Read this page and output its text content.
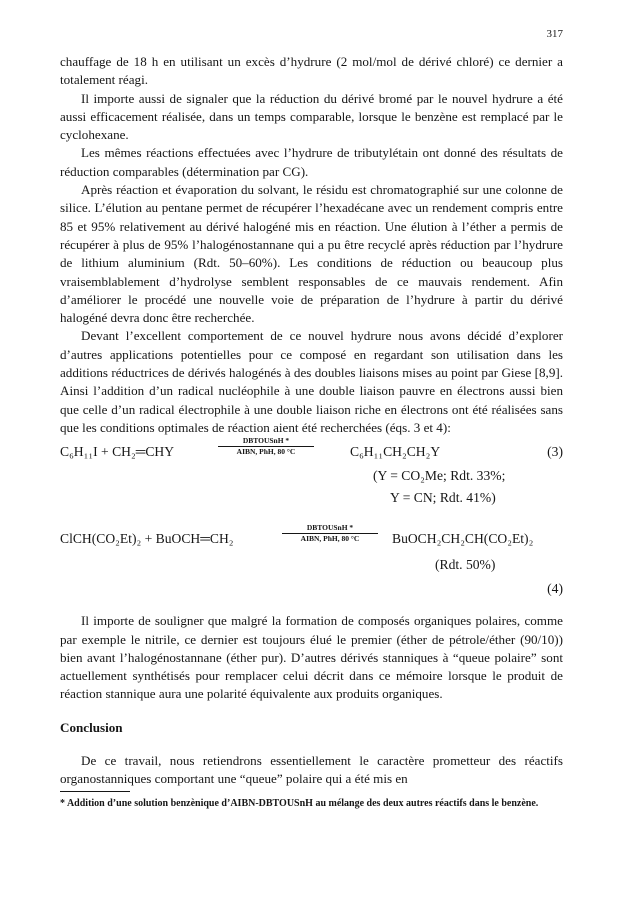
317

chauffage de 18 h en utilisant un excès d’hydrure (2 mol/mol de dérivé chloré) ce dernier a totalement réagi.

Il importe aussi de signaler que la réduction du dérivé bromé par le nouvel hydrure a été aussi efficacement réalisée, dans un temps comparable, lorsque le benzène est remplacé par le cyclohexane.

Les mêmes réactions effectuées avec l’hydrure de tributylétain ont donné des résultats de réduction comparables (détermination par CG).

Après réaction et évaporation du solvant, le résidu est chromatographié sur une colonne de silice. L’élution au pentane permet de récupérer l’hexadécane avec un rendement compris entre 85 et 95% relativement au dérivé halogéné mis en réaction. Une élution à l’éther a permis de récupérer à plus de 95% l’halogénostannane qui a pu être recyclé après réduction par l’hydrure de lithium aluminium (Rdt. 50–60%). Les conditions de réduction ou beaucoup plus vraisemblablement d’hydrolyse semblent responsables de ce mauvais rendement. Afin d’améliorer le procédé une nouvelle voie de préparation de l’hydrure à partir du dérivé halogéné devra donc être recherchée.

Devant l’excellent comportement de ce nouvel hydrure nous avons décidé d’explorer d’autres applications potentielles pour ce composé en regardant son utilisation dans les additions réductrices de dérivés halogénés à des doubles liaisons mises au point par Giese [8,9]. Ainsi l’addition d’un radical nucléophile à une double liaison pauvre en électrons aussi bien que celle d’un radical électrophile à une double liaison riche en électrons ont été réalisées sans que les conditions optimales de réaction aient été recherchées (éqs. 3 et 4):

C₆H₁₁I + CH₂═CHY
DBTOUSnH *
AIBN, PhH, 80 °C	C₆H₁₁CH₂CH₂Y	(3)
(Y = CO₂Me; Rdt. 33%;
Y = CN; Rdt. 41%)
ClCH(CO₂Et)₂ + BuOCH═CH₂
DBTOUSnH *
AIBN, PhH, 80 °C	BuOCH₂CH₂CH(CO₂Et)₂
(Rdt. 50%)
(4)

Il importe de souligner que malgré la formation de composés organiques polaires, comme par exemple le nitrile, ce dernier est toujours élué le premier (éther de pétrole/éther (90/10)) bien avant l’halogénostannane (éther pur). D’autres dérivés stanniques à “queue polaire” sont actuellement synthétisés pour remplacer celui décrit dans ce mémoire lorsque le produit de réaction stannique aura une polarité équivalente aux produits organiques.

Conclusion

De ce travail, nous retiendrons essentiellement le caractère prometteur des réactifs organostanniques comportant une “queue” polaire qui a été mis en

* Addition d’une solution benzènique d’AIBN-DBTOUSnH au mélange des deux autres réactifs dans le benzène.
